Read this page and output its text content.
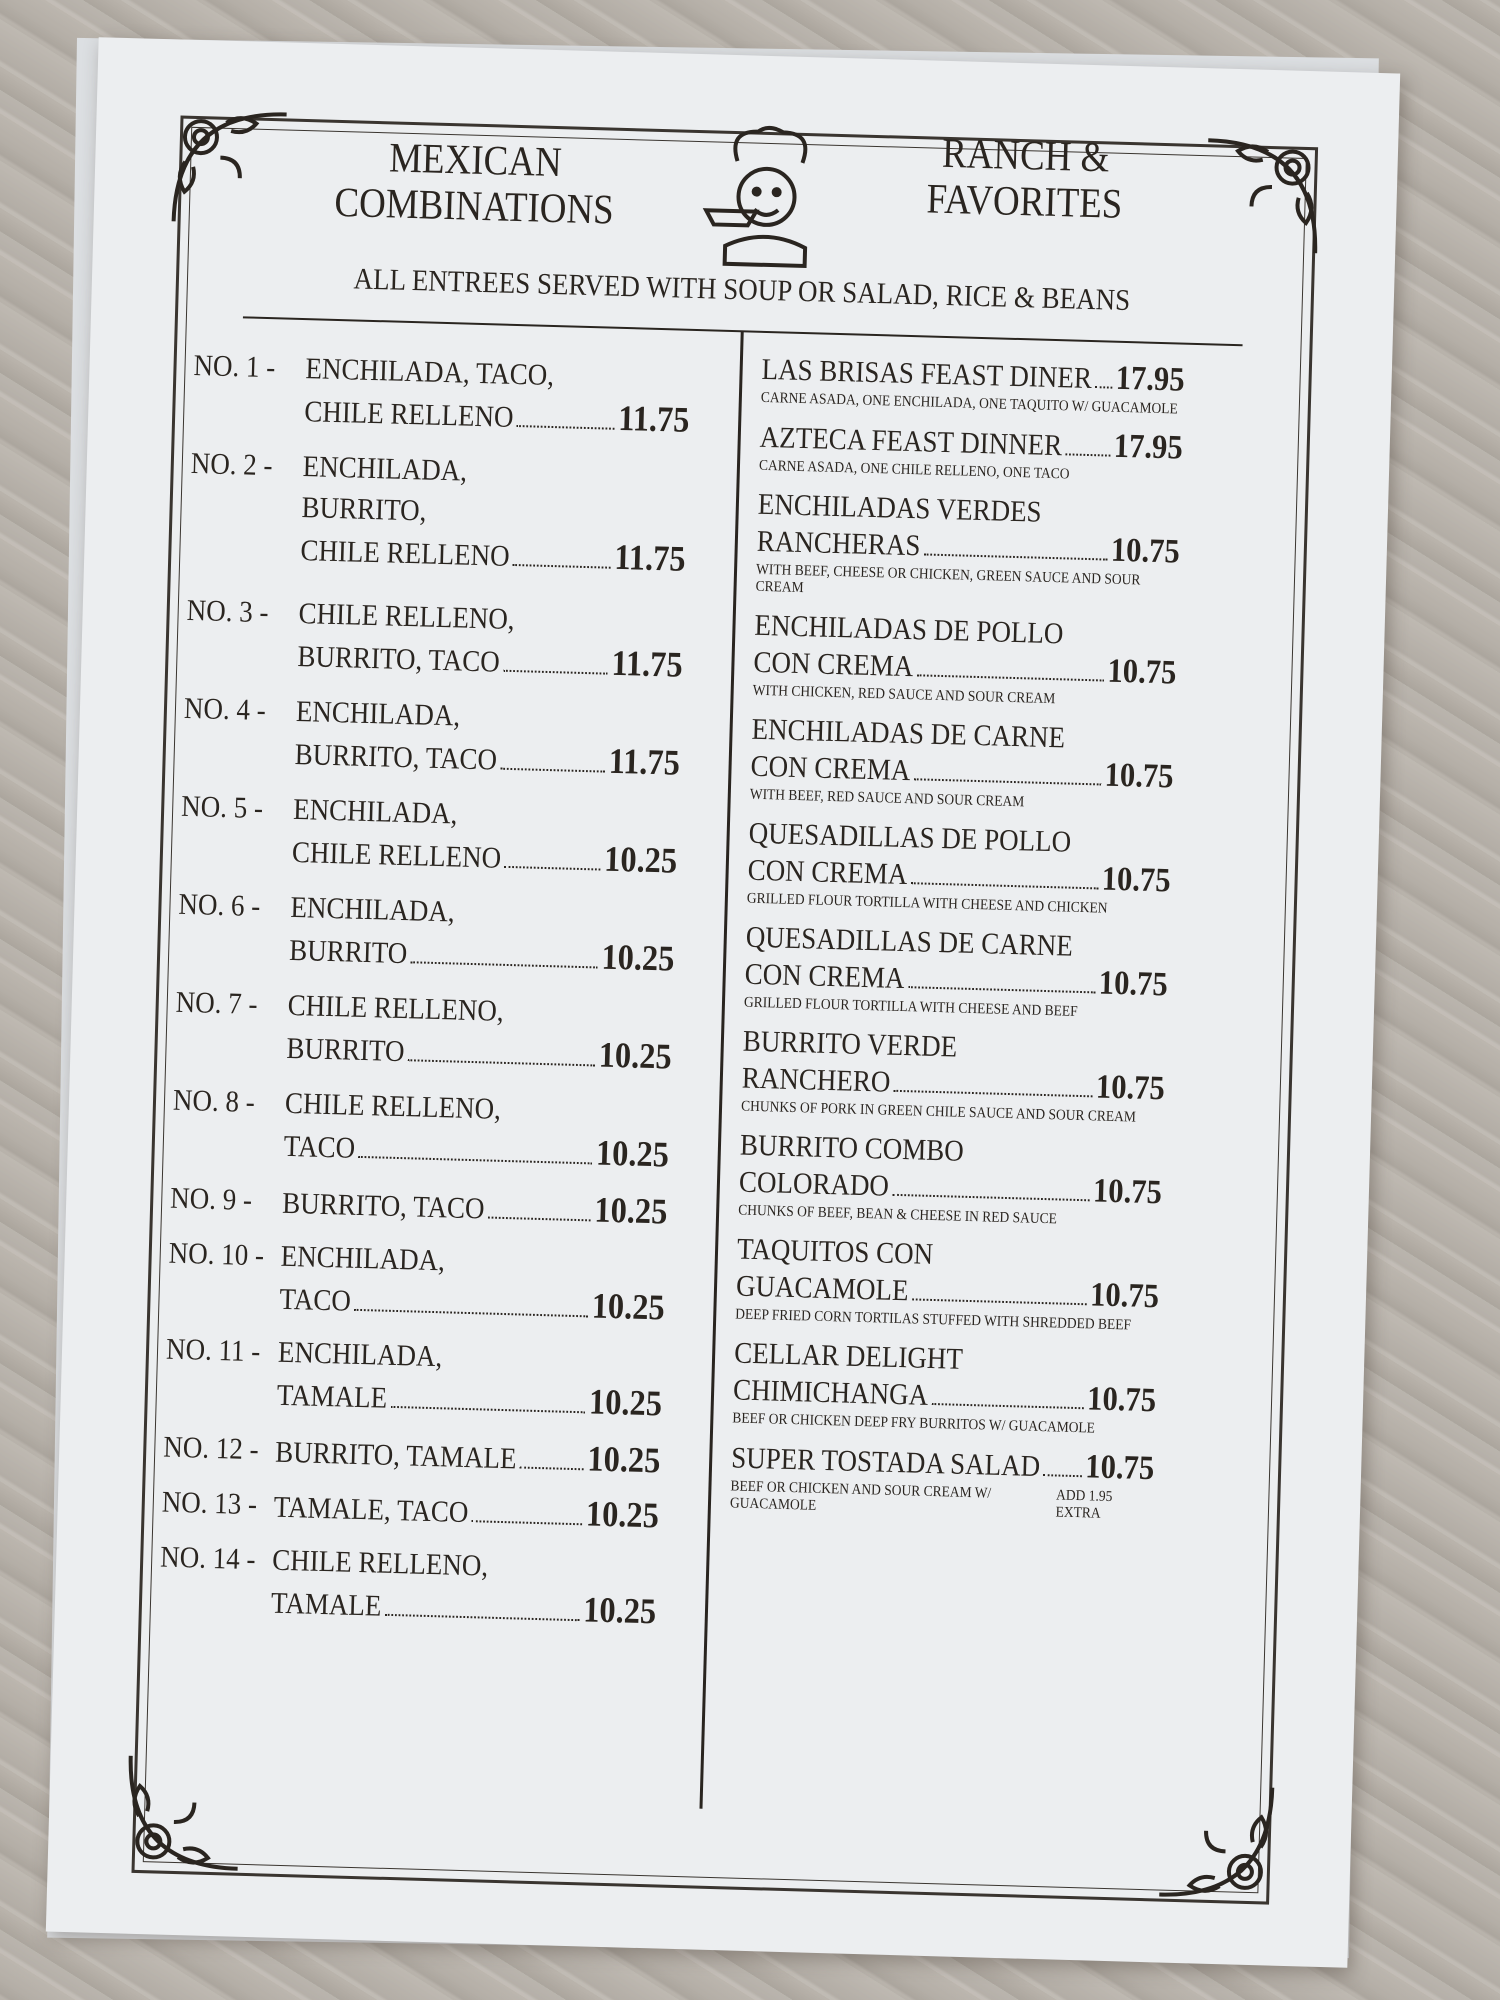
MEXICAN
COMBINATIONS
RANCH &
FAVORITES
ALL ENTREES SERVED WITH SOUP OR SALAD, RICE & BEANS
NO. 1 - ENCHILADA, TACO,
CHILE RELLENO	11.75
NO. 2 - ENCHILADA,
BURRITO,
CHILE RELLENO	11.75
NO. 3 - CHILE RELLENO,
BURRITO, TACO	11.75
NO. 4 - ENCHILADA,
BURRITO, TACO	11.75
NO. 5 - ENCHILADA,
CHILE RELLENO	10.25
NO. 6 - ENCHILADA,
BURRITO	10.25
NO. 7 - CHILE RELLENO,
BURRITO	10.25
NO. 8 - CHILE RELLENO,
TACO	10.25
NO. 9 - BURRITO, TACO	10.25
NO. 10 - ENCHILADA,
TACO	10.25
NO. 11 - ENCHILADA,
TAMALE	10.25
NO. 12 - BURRITO, TAMALE 10.25
NO. 13 - TAMALE, TACO	10.25
NO. 14 - CHILE RELLENO,
TAMALE	10.25
LAS BRISAS FEAST DINER 17.95
CARNE ASADA, ONE ENCHILADA, ONE TAQUITO W/ GUACAMOLE
AZTECA FEAST DINNER 17.95
CARNE ASADA, ONE CHILE RELLENO, ONE TACO
ENCHILADAS VERDES
RANCHERAS	10.75
WITH BEEF, CHEESE OR CHICKEN, GREEN SAUCE AND SOUR CREAM
ENCHILADAS DE POLLO
CON CREMA	10.75
WITH CHICKEN, RED SAUCE AND SOUR CREAM
ENCHILADAS DE CARNE
CON CREMA	10.75
WITH BEEF, RED SAUCE AND SOUR CREAM
QUESADILLAS DE POLLO
CON CREMA	10.75
GRILLED FLOUR TORTILLA WITH CHEESE AND CHICKEN
QUESADILLAS DE CARNE
CON CREMA	10.75
GRILLED FLOUR TORTILLA WITH CHEESE AND BEEF
BURRITO VERDE
RANCHERO	10.75
CHUNKS OF PORK IN GREEN CHILE SAUCE AND SOUR CREAM
BURRITO COMBO
COLORADO	10.75
CHUNKS OF BEEF, BEAN & CHEESE IN RED SAUCE
TAQUITOS CON
GUACAMOLE	10.75
DEEP FRIED CORN TORTILAS STUFFED WITH SHREDDED BEEF
CELLAR DELIGHT
CHIMICHANGA	10.75
BEEF OR CHICKEN DEEP FRY BURRITOS W/ GUACAMOLE
SUPER TOSTADA SALAD 10.75
BEEF OR CHICKEN AND SOUR CREAM W/ GUACAMOLE	ADD 1.95 EXTRA
